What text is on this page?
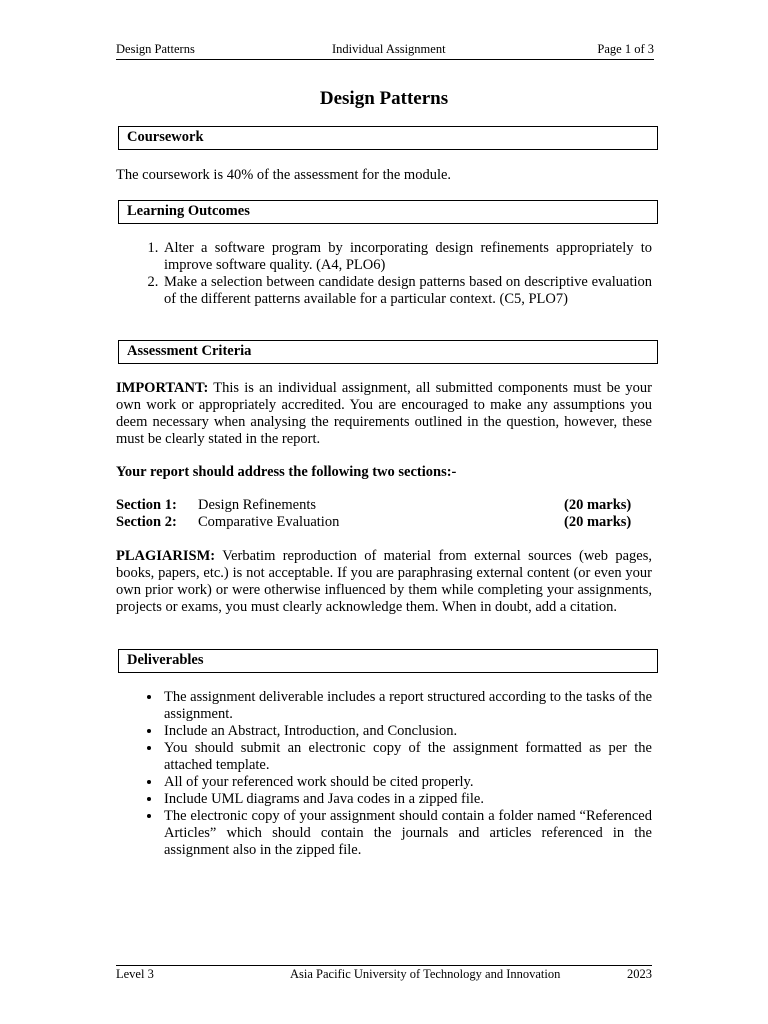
Design Patterns	Individual Assignment	Page 1 of 3
Design Patterns
Coursework
The coursework is 40% of the assessment for the module.
Learning Outcomes
1. Alter a software program by incorporating design refinements appropriately to improve software quality. (A4, PLO6)
2. Make a selection between candidate design patterns based on descriptive evaluation of the different patterns available for a particular context. (C5, PLO7)
Assessment Criteria
IMPORTANT: This is an individual assignment, all submitted components must be your own work or appropriately accredited. You are encouraged to make any assumptions you deem necessary when analysing the requirements outlined in the question, however, these must be clearly stated in the report.
Your report should address the following two sections:-
Section 1: Design Refinements	(20 marks)
Section 2: Comparative Evaluation	(20 marks)
PLAGIARISM: Verbatim reproduction of material from external sources (web pages, books, papers, etc.) is not acceptable. If you are paraphrasing external content (or even your own prior work) or were otherwise influenced by them while completing your assignments, projects or exams, you must clearly acknowledge them. When in doubt, add a citation.
Deliverables
• The assignment deliverable includes a report structured according to the tasks of the assignment.
• Include an Abstract, Introduction, and Conclusion.
• You should submit an electronic copy of the assignment formatted as per the attached template.
• All of your referenced work should be cited properly.
• Include UML diagrams and Java codes in a zipped file.
• The electronic copy of your assignment should contain a folder named “Referenced Articles” which should contain the journals and articles referenced in the assignment also in the zipped file.
Level 3	Asia Pacific University of Technology and Innovation	2023
